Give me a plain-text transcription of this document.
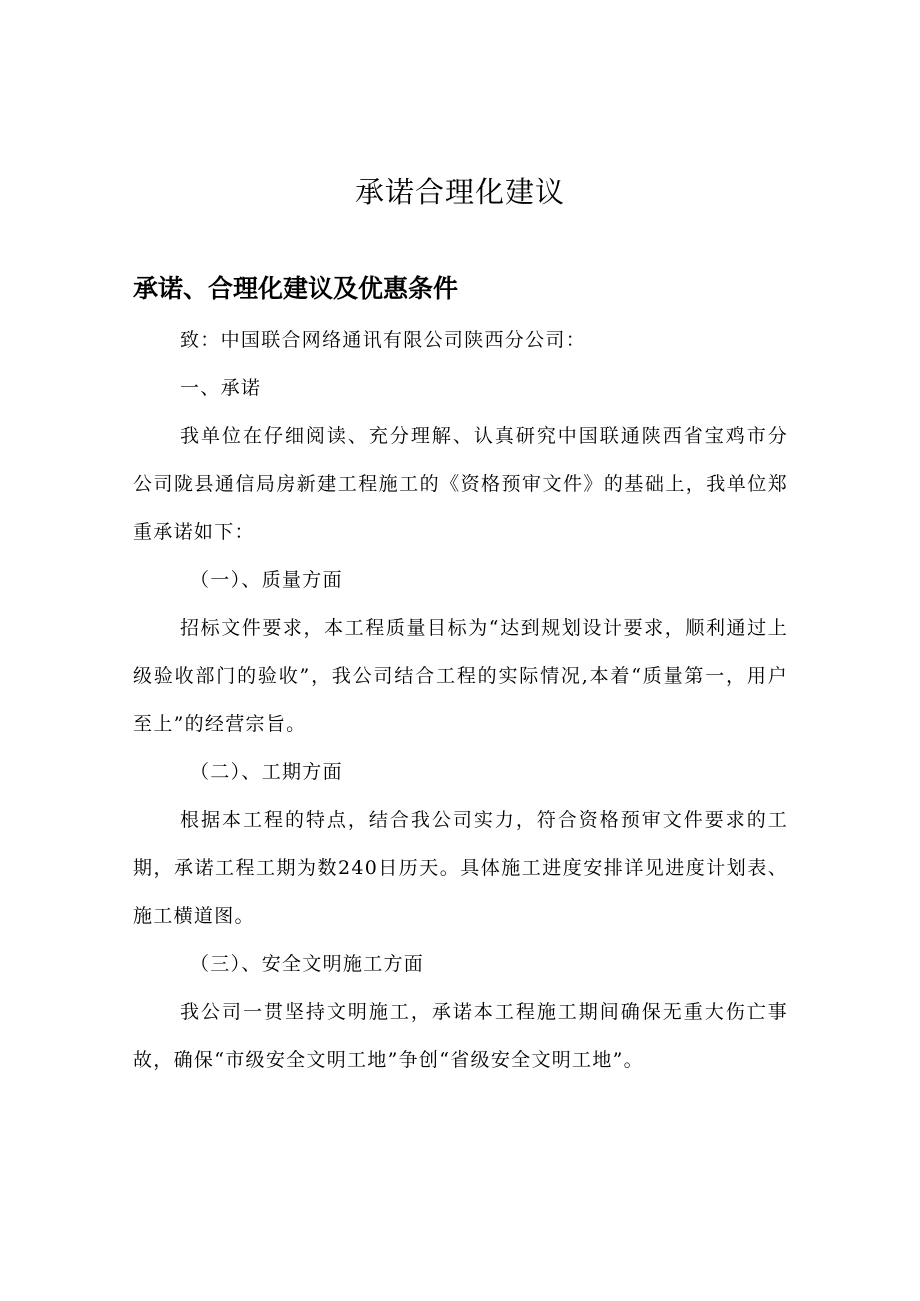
承诺合理化建议
承诺、合理化建议及优惠条件

致：中国联合网络通讯有限公司陕西分公司：

一、承诺

我单位在仔细阅读、充分理解、认真研究中国联通陕西省宝鸡市分公司陇县通信局房新建工程施工的《资格预审文件》的基础上，我单位郑重承诺如下：

（一）、质量方面

招标文件要求，本工程质量目标为“达到规划设计要求，顺利通过上级验收部门的验收”，我公司结合工程的实际情况,本着“质量第一，用户至上”的经营宗旨。

（二）、工期方面

根据本工程的特点，结合我公司实力，符合资格预审文件要求的工期，承诺工程工期为数240日历天。具体施工进度安排详见进度计划表、施工横道图。

（三）、安全文明施工方面

我公司一贯坚持文明施工，承诺本工程施工期间确保无重大伤亡事故，确保“市级安全文明工地”争创“省级安全文明工地”。
